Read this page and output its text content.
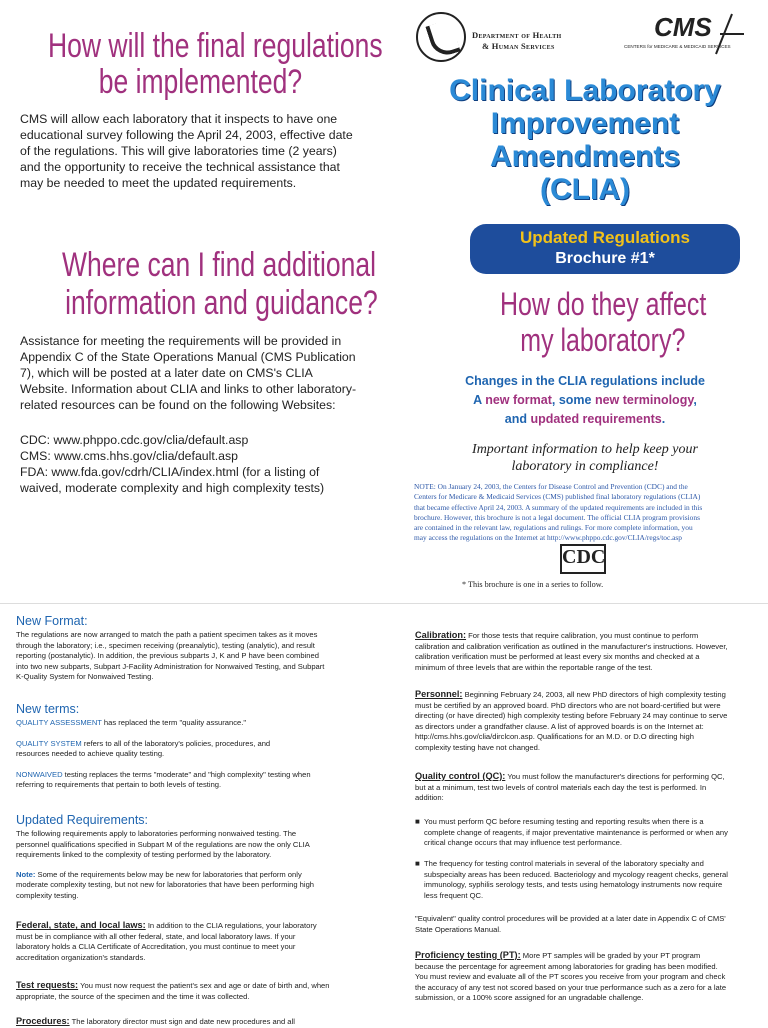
How will the final regulations
be implemented?
CMS will allow each laboratory that it inspects to have one
educational survey following the April 24, 2003, effective date
of the regulations. This will give laboratories time (2 years)
and the opportunity to receive the technical assistance that
may be needed to meet the updated requirements.
Where can I find additional
information and guidance?
Assistance for meeting the requirements will be provided in
Appendix C of the State Operations Manual (CMS Publication
7), which will be posted at a later date on CMS's CLIA
Website. Information about CLIA and links to other laboratory-
related resources can be found on the following Websites:
CDC: www.phppo.cdc.gov/clia/default.asp
CMS: www.cms.hhs.gov/clia/default.asp
FDA: www.fda.gov/cdrh/CLIA/index.html (for a listing of
waived, moderate complexity and high complexity tests)
Department of Health
& Human Services
CMS
CENTERS for MEDICARE & MEDICAID SERVICES
Clinical Laboratory
Improvement
Amendments
(CLIA)
Updated Regulations
Brochure #1*
How do they affect
my laboratory?
Changes in the CLIA regulations include
A new format, some new terminology,
and updated requirements.
Important information to help keep your
laboratory in compliance!
NOTE: On January 24, 2003, the Centers for Disease Control and Prevention (CDC) and the
Centers for Medicare & Medicaid Services (CMS) published final laboratory regulations (CLIA)
that became effective April 24, 2003. A summary of the updated requirements are included in this
brochure. However, this brochure is not a legal document. The official CLIA program provisions
are contained in the relevant law, regulations and rulings. For more complete information, you
may access the regulations on the Internet at http://www.phppo.cdc.gov/CLIA/regs/toc.asp
CDC
* This brochure is one in a series to follow.
New Format:
The regulations are now arranged to match the path a patient specimen takes as it moves
through the laboratory; i.e., specimen receiving (preanalytic), testing (analytic), and result
reporting (postanalytic). In addition, the previous subparts J, K and P have been combined
into two new subparts, Subpart J-Facility Administration for Nonwaived Testing, and Subpart
K-Quality System for Nonwaived Testing.
New terms:
QUALITY ASSESSMENT has replaced the term "quality assurance."
QUALITY SYSTEM refers to all of the laboratory's policies, procedures, and
resources needed to achieve quality testing.
NONWAIVED testing replaces the terms "moderate" and "high complexity" testing when
referring to requirements that pertain to both levels of testing.
Updated Requirements:
The following requirements apply to laboratories performing nonwaived testing. The
personnel qualifications specified in Subpart M of the regulations are now the only CLIA
requirements linked to the complexity of testing performed by the laboratory.
Note: Some of the requirements below may be new for laboratories that perform only
moderate complexity testing, but not new for laboratories that have been performing high
complexity testing.
Federal, state, and local laws: In addition to the CLIA regulations, your laboratory
must be in compliance with all other federal, state, and local laboratory laws. If your
laboratory holds a CLIA Certificate of Accreditation, you must continue to meet your
accreditation organization's standards.
Test requests: You must now request the patient's sex and age or date of birth and, when
appropriate, the source of the specimen and the time it was collected.
Procedures: The laboratory director must sign and date new procedures and all
Calibration: For those tests that require calibration, you must continue to perform
calibration and calibration verification as outlined in the manufacturer's instructions. However,
calibration verification must be performed at least every six months and checked at a
minimum of three levels that are within the reportable range of the test.
Personnel: Beginning February 24, 2003, all new PhD directors of high complexity testing
must be certified by an approved board. PhD directors who are not board-certified but were
directing (or have directed) high complexity testing before February 24 may continue to serve
as directors under a grandfather clause. A list of approved boards is on the Internet at:
http://cms.hhs.gov/clia/dirclcon.asp. Qualifications for an M.D. or D.O directing high
complexity testing have not changed.
Quality control (QC): You must follow the manufacturer's directions for performing QC,
but at a minimum, test two levels of control materials each day the test is performed. In
addition:
■ You must perform QC before resuming testing and reporting results when there is a
complete change of reagents, if major preventative maintenance is performed or when any
critical change occurs that may influence test performance.
■ The frequency for testing control materials in several of the laboratory specialty and
subspecialty areas has been reduced. Bacteriology and mycology reagent checks, general
immunology, syphilis serology tests, and tests using hematology instruments now require
less frequent QC.
"Equivalent" quality control procedures will be provided at a later date in Appendix C of CMS'
State Operations Manual.
Proficiency testing (PT): More PT samples will be graded by your PT program
because the percentage for agreement among laboratories for grading has been modified.
You must review and evaluate all of the PT scores you receive from your program and check
the accuracy of any test not scored based on your true performance such as a zero for a late
submission, or a 100% score assigned for an ungradable challenge.
